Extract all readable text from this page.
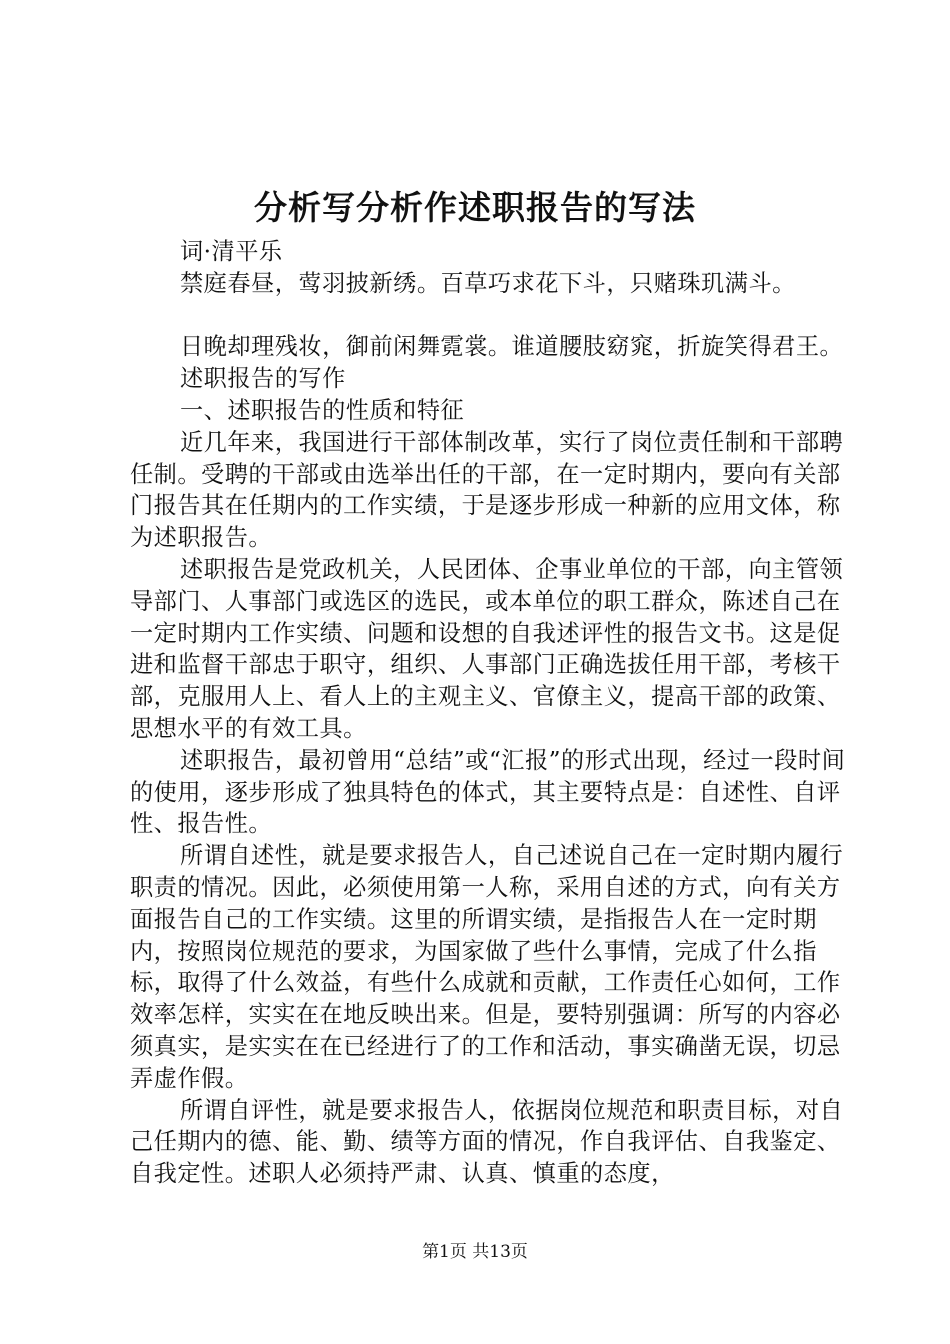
分析写分析作述职报告的写法

词·清平乐

禁庭春昼，莺羽披新绣。百草巧求花下斗，只赌珠玑满斗。

日晚却理残妆，御前闲舞霓裳。谁道腰肢窈窕，折旋笑得君王。

述职报告的写作

一、述职报告的性质和特征

近几年来，我国进行干部体制改革，实行了岗位责任制和干部聘任制。受聘的干部或由选举出任的干部，在一定时期内，要向有关部门报告其在任期内的工作实绩，于是逐步形成一种新的应用文体，称为述职报告。

述职报告是党政机关，人民团体、企事业单位的干部，向主管领导部门、人事部门或选区的选民，或本单位的职工群众，陈述自己在一定时期内工作实绩、问题和设想的自我述评性的报告文书。这是促进和监督干部忠于职守，组织、人事部门正确选拔任用干部，考核干部，克服用人上、看人上的主观主义、官僚主义，提高干部的政策、思想水平的有效工具。

述职报告，最初曾用“总结”或“汇报”的形式出现，经过一段时间的使用，逐步形成了独具特色的体式，其主要特点是：自述性、自评性、报告性。

所谓自述性，就是要求报告人，自己述说自己在一定时期内履行职责的情况。因此，必须使用第一人称，采用自述的方式，向有关方面报告自己的工作实绩。这里的所谓实绩，是指报告人在一定时期内，按照岗位规范的要求，为国家做了些什么事情，完成了什么指标，取得了什么效益，有些什么成就和贡献，工作责任心如何，工作效率怎样，实实在在地反映出来。但是，要特别强调：所写的内容必须真实，是实实在在已经进行了的工作和活动，事实确凿无误，切忌弄虚作假。

所谓自评性，就是要求报告人，依据岗位规范和职责目标，对自己任期内的德、能、勤、绩等方面的情况，作自我评估、自我鉴定、自我定性。述职人必须持严肃、认真、慎重的态度，

第1页 共13页
